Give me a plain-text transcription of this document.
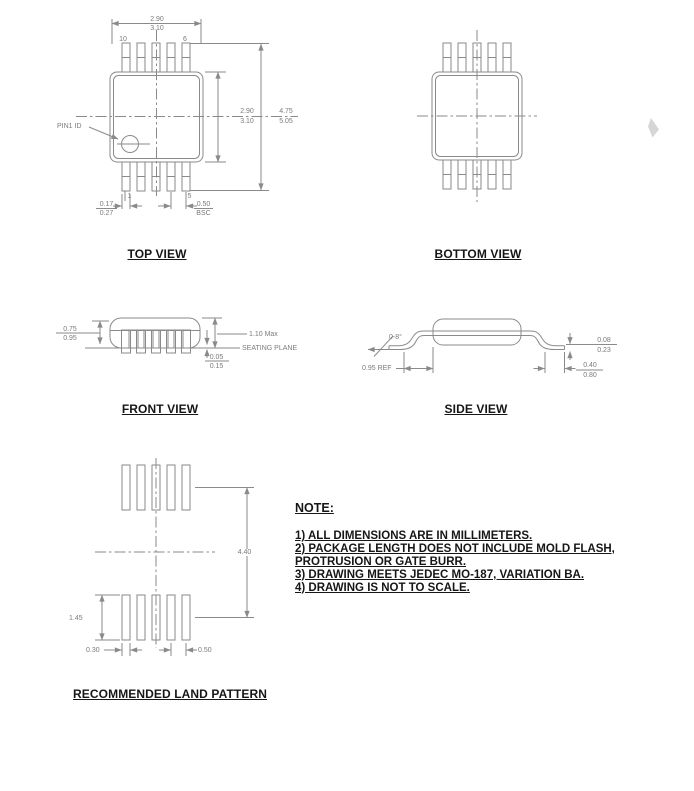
2.90
3.10
10	6
PIN1 ID
2.90
3.10
4.75
5.05
1	5
0.17
0.27
0.50
BSC
TOP VIEW	BOTTOM VIEW
0.75
0.95
1.10 Max
SEATING PLANE
0.05
0.15
FRONT VIEW
0-8°
0.95 REF
0.08
0.23
0.40
0.80
SIDE VIEW
4.40
1.45
0.30	0.50
RECOMMENDED LAND PATTERN
NOTE:
1) ALL DIMENSIONS ARE IN MILLIMETERS.
2) PACKAGE LENGTH DOES NOT INCLUDE MOLD FLASH,
PROTRUSION OR GATE BURR.
3) DRAWING MEETS JEDEC MO-187, VARIATION BA.
4) DRAWING IS NOT TO SCALE.
